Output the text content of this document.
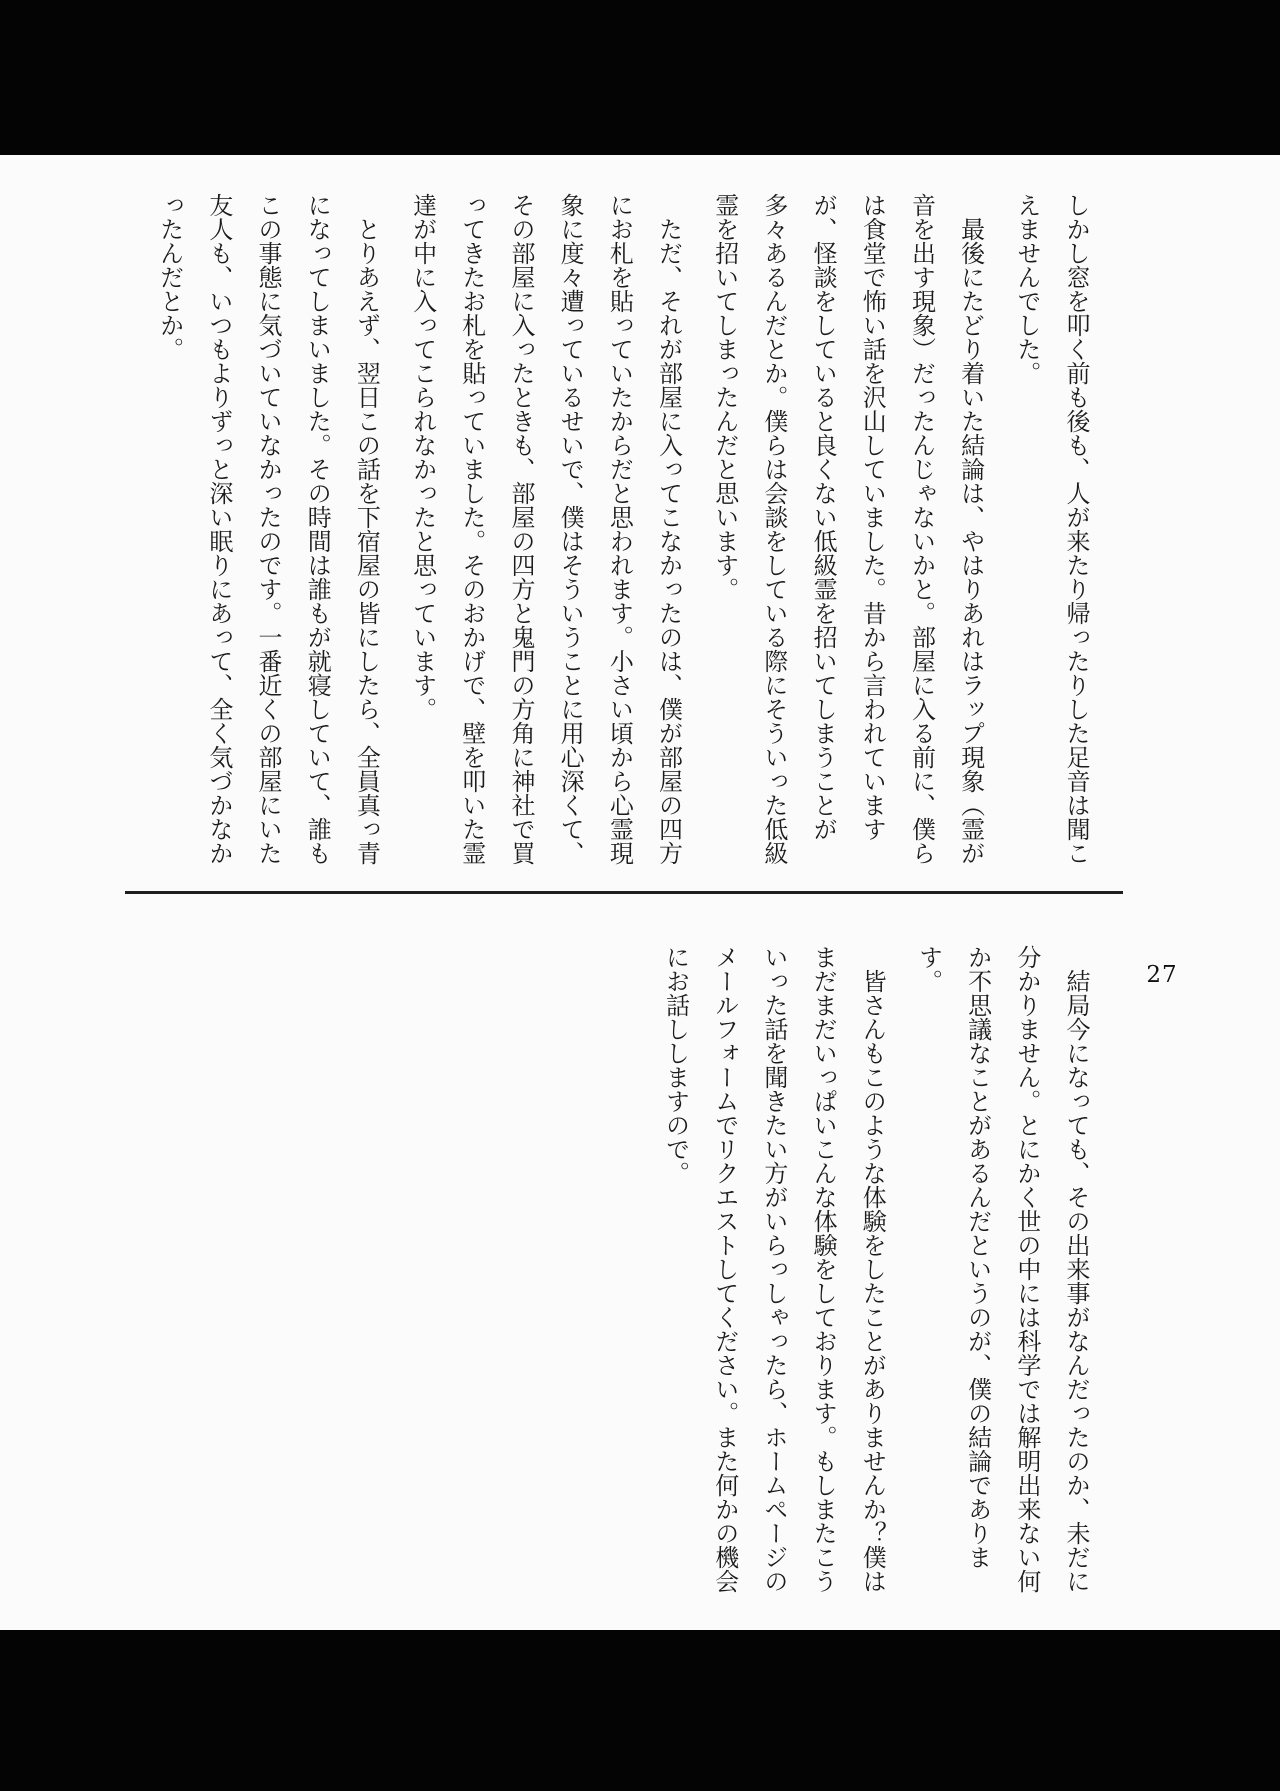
しかし窓を叩く前も後も、人が来たり帰ったりした足音は聞こえませんでした。

最後にたどり着いた結論は、やはりあれはラップ現象（霊が音を出す現象）だったんじゃないかと。部屋に入る前に、僕らは食堂で怖い話を沢山していました。昔から言われていますが、怪談をしていると良くない低級霊を招いてしまうことが多々あるんだとか。僕らは会談をしている際にそういった低級霊を招いてしまったんだと思います。

ただ、それが部屋に入ってこなかったのは、僕が部屋の四方にお札を貼っていたからだと思われます。小さい頃から心霊現象に度々遭っているせいで、僕はそういうことに用心深くて、その部屋に入ったときも、部屋の四方と鬼門の方角に神社で買ってきたお札を貼っていました。そのおかげで、壁を叩いた霊達が中に入ってこられなかったと思っています。

とりあえず、翌日この話を下宿屋の皆にしたら、全員真っ青になってしまいました。その時間は誰もが就寝していて、誰もこの事態に気づいていなかったのです。一番近くの部屋にいた友人も、いつもよりずっと深い眠りにあって、全く気づかなかったんだとか。

結局今になっても、その出来事がなんだったのか、未だに分かりません。とにかく世の中には科学では解明出来ない何か不思議なことがあるんだというのが、僕の結論であります。

皆さんもこのような体験をしたことがありませんか？僕はまだまだいっぱいこんな体験をしております。もしまたこういった話を聞きたい方がいらっしゃったら、ホームページのメールフォームでリクエストしてください。また何かの機会にお話ししますので。	27
